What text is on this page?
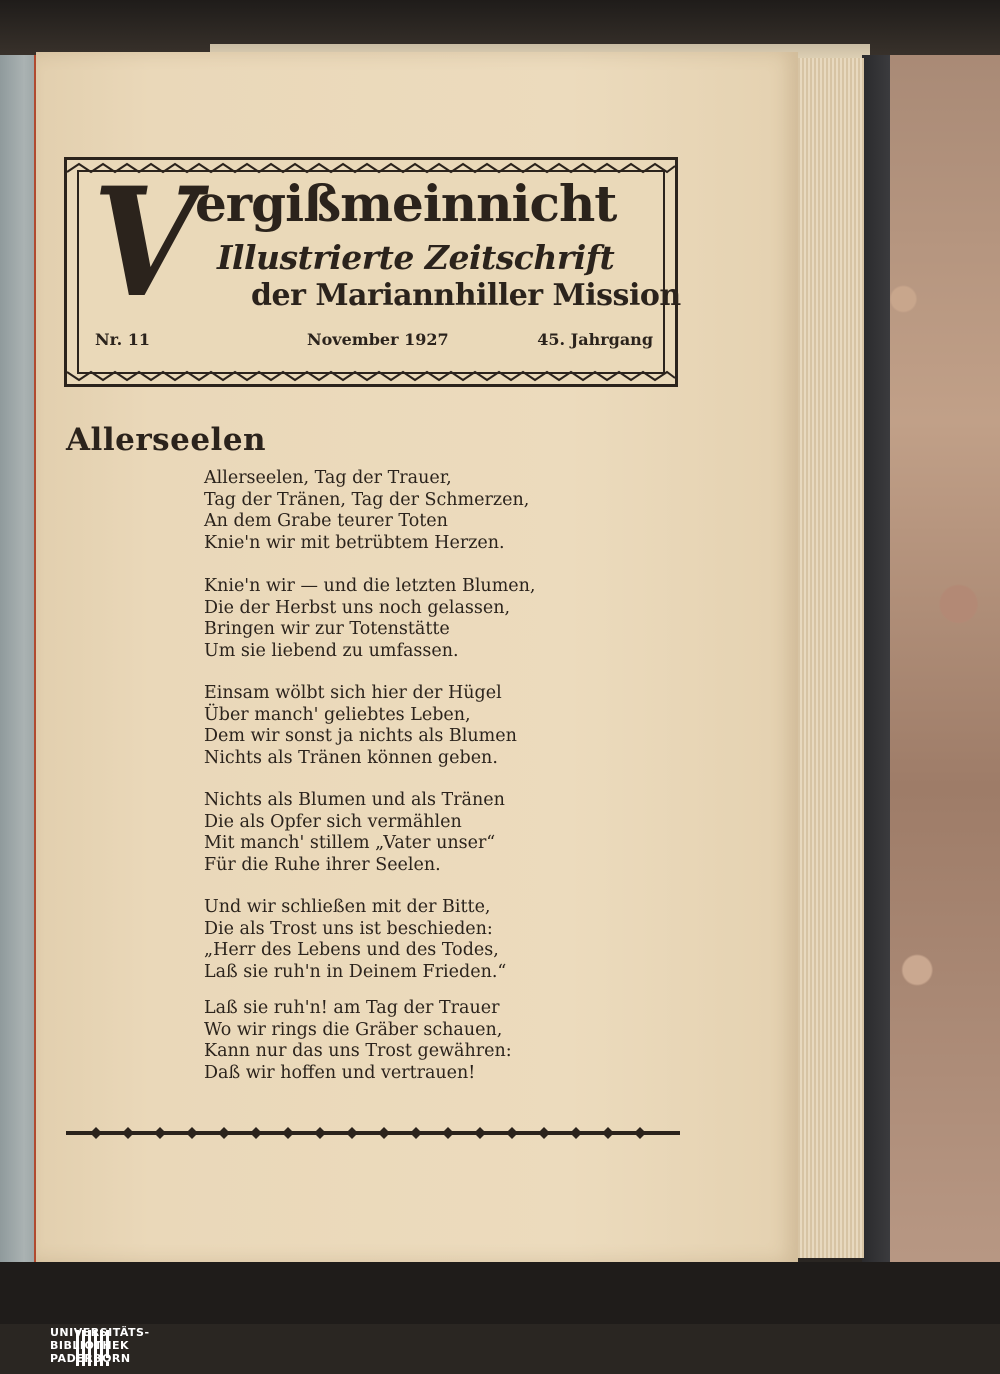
V
ergißmeinnicht
Illustrierte Zeitschrift
der Mariannhiller Mission
Nr. 11	November 1927	45. Jahrgang
Allerseelen
Allerseelen, Tag der Trauer,
Tag der Tränen, Tag der Schmerzen,
An dem Grabe teurer Toten
Knie'n wir mit betrübtem Herzen.
Knie'n wir — und die letzten Blumen,
Die der Herbst uns noch gelassen,
Bringen wir zur Totenstätte
Um sie liebend zu umfassen.
Einsam wölbt sich hier der Hügel
Über manch' geliebtes Leben,
Dem wir sonst ja nichts als Blumen
Nichts als Tränen können geben.
Nichts als Blumen und als Tränen
Die als Opfer sich vermählen
Mit manch' stillem „Vater unser“
Für die Ruhe ihrer Seelen.
Und wir schließen mit der Bitte,
Die als Trost uns ist beschieden:
„Herr des Lebens und des Todes,
Laß sie ruh'n in Deinem Frieden.“
Laß sie ruh'n! am Tag der Trauer
Wo wir rings die Gräber schauen,
Kann nur das uns Trost gewähren:
Daß wir hoffen und vertrauen!
UNIVERSITÄTS-
BIBLIOTHEK
PADERBORN
